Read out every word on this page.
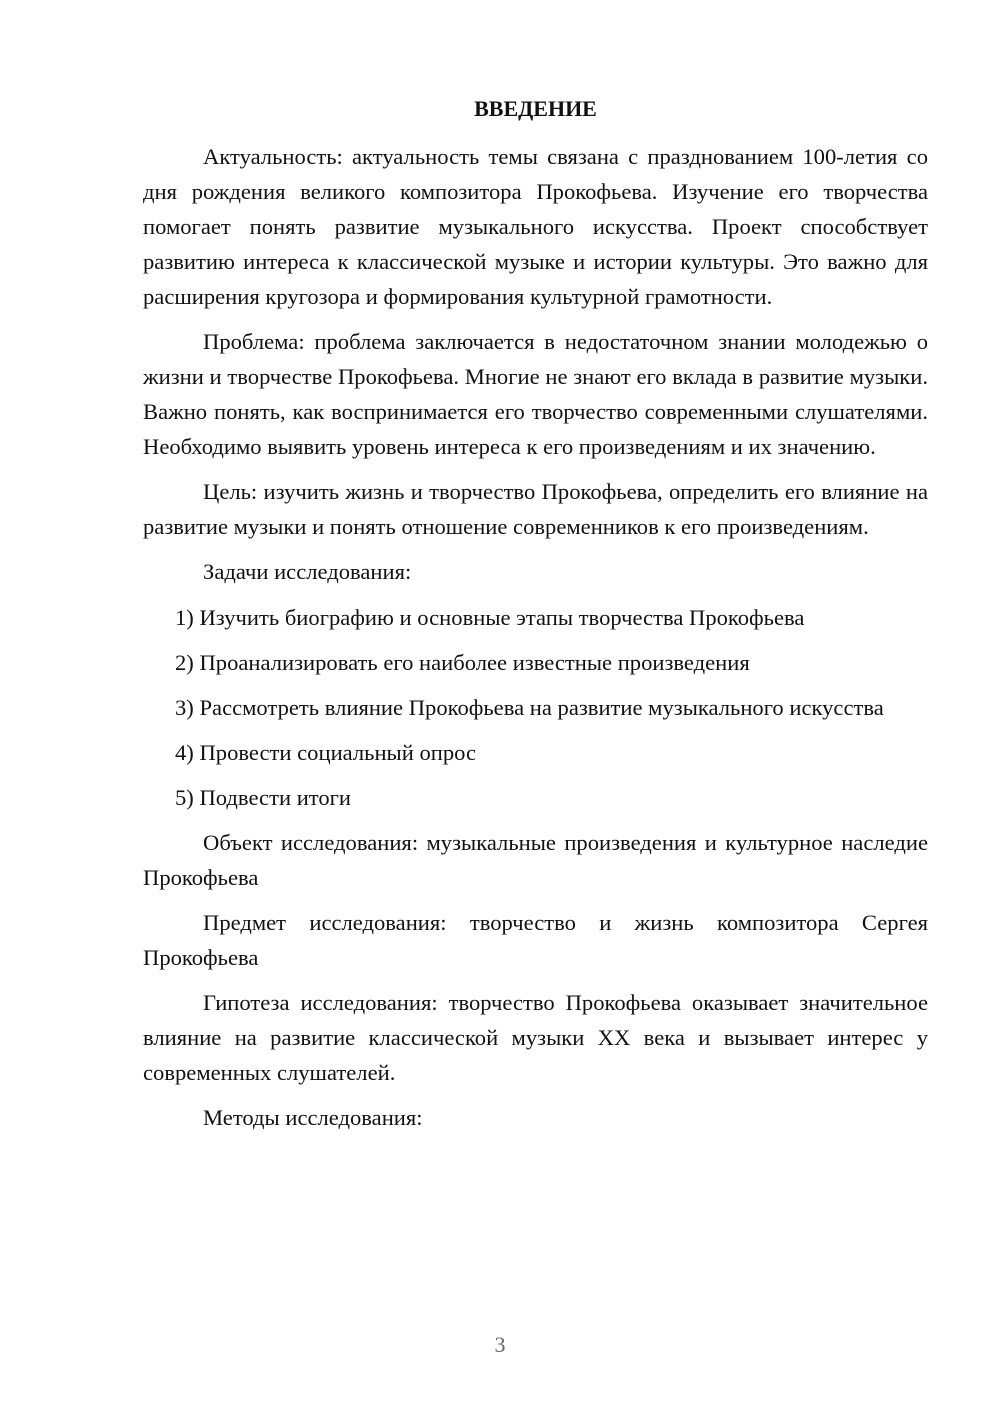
ВВЕДЕНИЕ

Актуальность: актуальность темы связана с празднованием 100-летия со дня рождения великого композитора Прокофьева. Изучение его творчества помогает понять развитие музыкального искусства. Проект способствует развитию интереса к классической музыке и истории культуры. Это важно для расширения кругозора и формирования культурной грамотности.

Проблема: проблема заключается в недостаточном знании молодежью о жизни и творчестве Прокофьева. Многие не знают его вклада в развитие музыки. Важно понять, как воспринимается его творчество современными слушателями. Необходимо выявить уровень интереса к его произведениям и их значению.

Цель: изучить жизнь и творчество Прокофьева, определить его влияние на развитие музыки и понять отношение современников к его произведениям.

Задачи исследования:

1) Изучить биографию и основные этапы творчества Прокофьева

2) Проанализировать его наиболее известные произведения

3) Рассмотреть влияние Прокофьева на развитие музыкального искусства

4) Провести социальный опрос

5) Подвести итоги

Объект исследования: музыкальные произведения и культурное наследие Прокофьева

Предмет исследования: творчество и жизнь композитора Сергея Прокофьева

Гипотеза исследования: творчество Прокофьева оказывает значительное влияние на развитие классической музыки XX века и вызывает интерес у современных слушателей.

Методы исследования:

3
